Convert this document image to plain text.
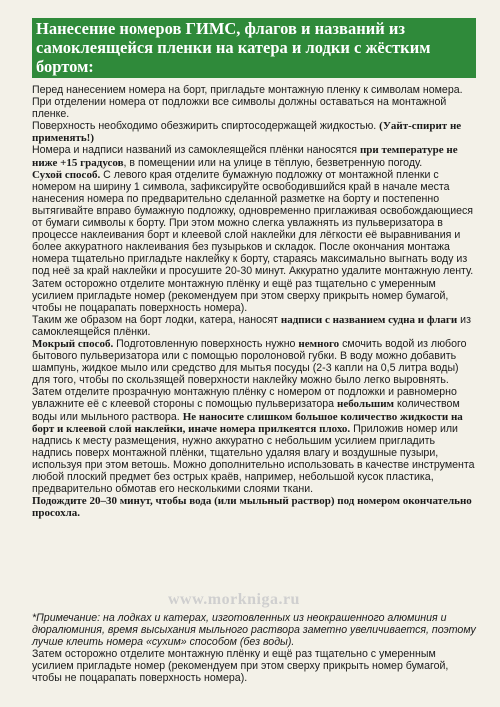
Нанесение номеров ГИМС, флагов и названий из самоклеящейся пленки на катера и лодки с жёстким бортом:

Перед нанесением номера на борт, пригладьте монтажную пленку к символам номера. При отделении номера от подложки все символы должны оставаться на монтажной пленке.

Поверхность необходимо обезжирить спиртосодержащей жидкостью. (Уайт-спирит не применять!)

Номера и надписи названий из самоклеящейся плёнки наносятся при температуре не ниже +15 градусов, в помещении или на улице в тёплую, безветренную погоду.

Сухой способ. С левого края отделите бумажную подложку от монтажной пленки с номером на ширину 1 символа, зафиксируйте освободившийся край в начале места нанесения номера по предварительно сделанной разметке на борту и постепенно вытягивайте вправо бумажную подложку, одновременно приглаживая освобождающиеся от бумаги символы к борту. При этом можно слегка увлажнять из пульверизатора в процессе наклеивания борт и клеевой слой наклейки для лёгкости её выравнивания и более аккуратного наклеивания без пузырьков и складок. После окончания монтажа номера тщательно пригладьте наклейку к борту, стараясь максимально выгнать воду из под неё за край наклейки и просушите 20-30 минут. Аккуратно удалите монтажную ленту. Затем осторожно отделите монтажную плёнку и ещё раз тщательно с умеренным усилием пригладьте номер (рекомендуем при этом сверху прикрыть номер бумагой, чтобы не поцарапать поверхность номера).

Таким же образом на борт лодки, катера, наносят надписи с названием судна и флаги из самоклеящейся плёнки.

Мокрый способ. Подготовленную поверхность нужно немного смочить водой из любого бытового пульверизатора или с помощью поролоновой губки. В воду можно добавить шампунь, жидкое мыло или средство для мытья посуды (2-3 капли на 0,5 литра воды) для того, чтобы по скользящей поверхности наклейку можно было легко выровнять.

Затем отделите прозрачную монтажную плёнку с номером от подложки и равномерно увлажните её с клеевой стороны с помощью пульверизатора небольшим количеством воды или мыльного раствора. Не наносите слишком большое количество жидкости на борт и клеевой слой наклейки, иначе номера прилкеятся плохо. Приложив номер или надпись к месту размещения, нужно аккуратно с небольшим усилием пригладить надпись поверх монтажной плёнки, тщательно удаляя влагу и воздушные пузыри, используя при этом ветошь. Можно дополнительно использовать в качестве инструмента любой плоский предмет без острых краёв, например, небольшой кусок пластика, предварительно обмотав его несколькими слоями ткани.

Подождите 20–30 минут, чтобы вода (или мыльный раствор) под номером окончательно просохла.

www.morkniga.ru

*Примечание: на лодках и катерах, изготовленных из неокрашенного алюминия и дюралюминия, время высыхания мыльного раствора заметно увеличивается, поэтому лучше клеить номера «сухим» способом (без воды).

Затем осторожно отделите монтажную плёнку и ещё раз тщательно с умеренным усилием пригладьте номер (рекомендуем при этом сверху прикрыть номер бумагой, чтобы не поцарапать поверхность номера).
